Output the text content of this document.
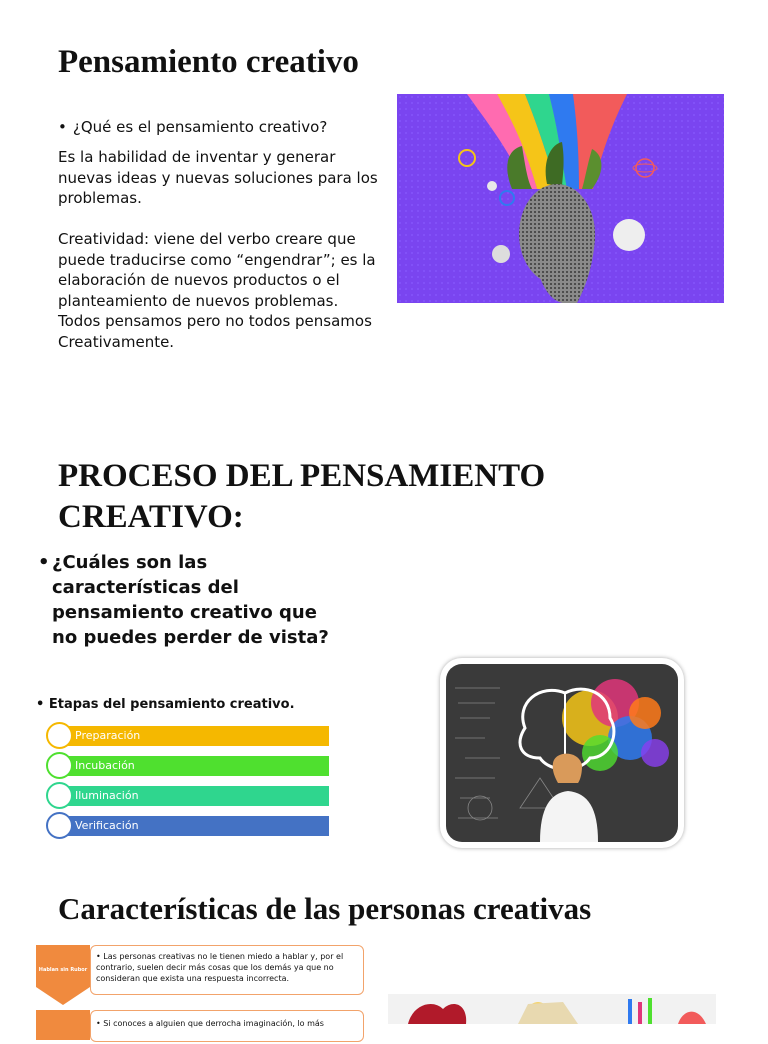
Pensamiento creativo
• ¿Qué es el pensamiento creativo?
Es la habilidad de inventar y generar nuevas ideas y nuevas soluciones para los problemas.

Creatividad: viene del verbo creare que puede traducirse como “engendrar”; es la elaboración de nuevos productos o el planteamiento de nuevos problemas. Todos pensamos pero no todos pensamos Creativamente.
PROCESO DEL PENSAMIENTO CREATIVO:
• ¿Cuáles son las características del pensamiento creativo que no puedes perder de vista?
• Etapas del pensamiento creativo.
Preparación
Incubación
Iluminación
Verificación
Características de las personas creativas
Hablan sin Rubor
• Las personas creativas no le tienen miedo a hablar y, por el contrario, suelen decir más cosas que los demás ya que no consideran que exista una respuesta incorrecta.
• Si conoces a alguien que derrocha imaginación, lo más
